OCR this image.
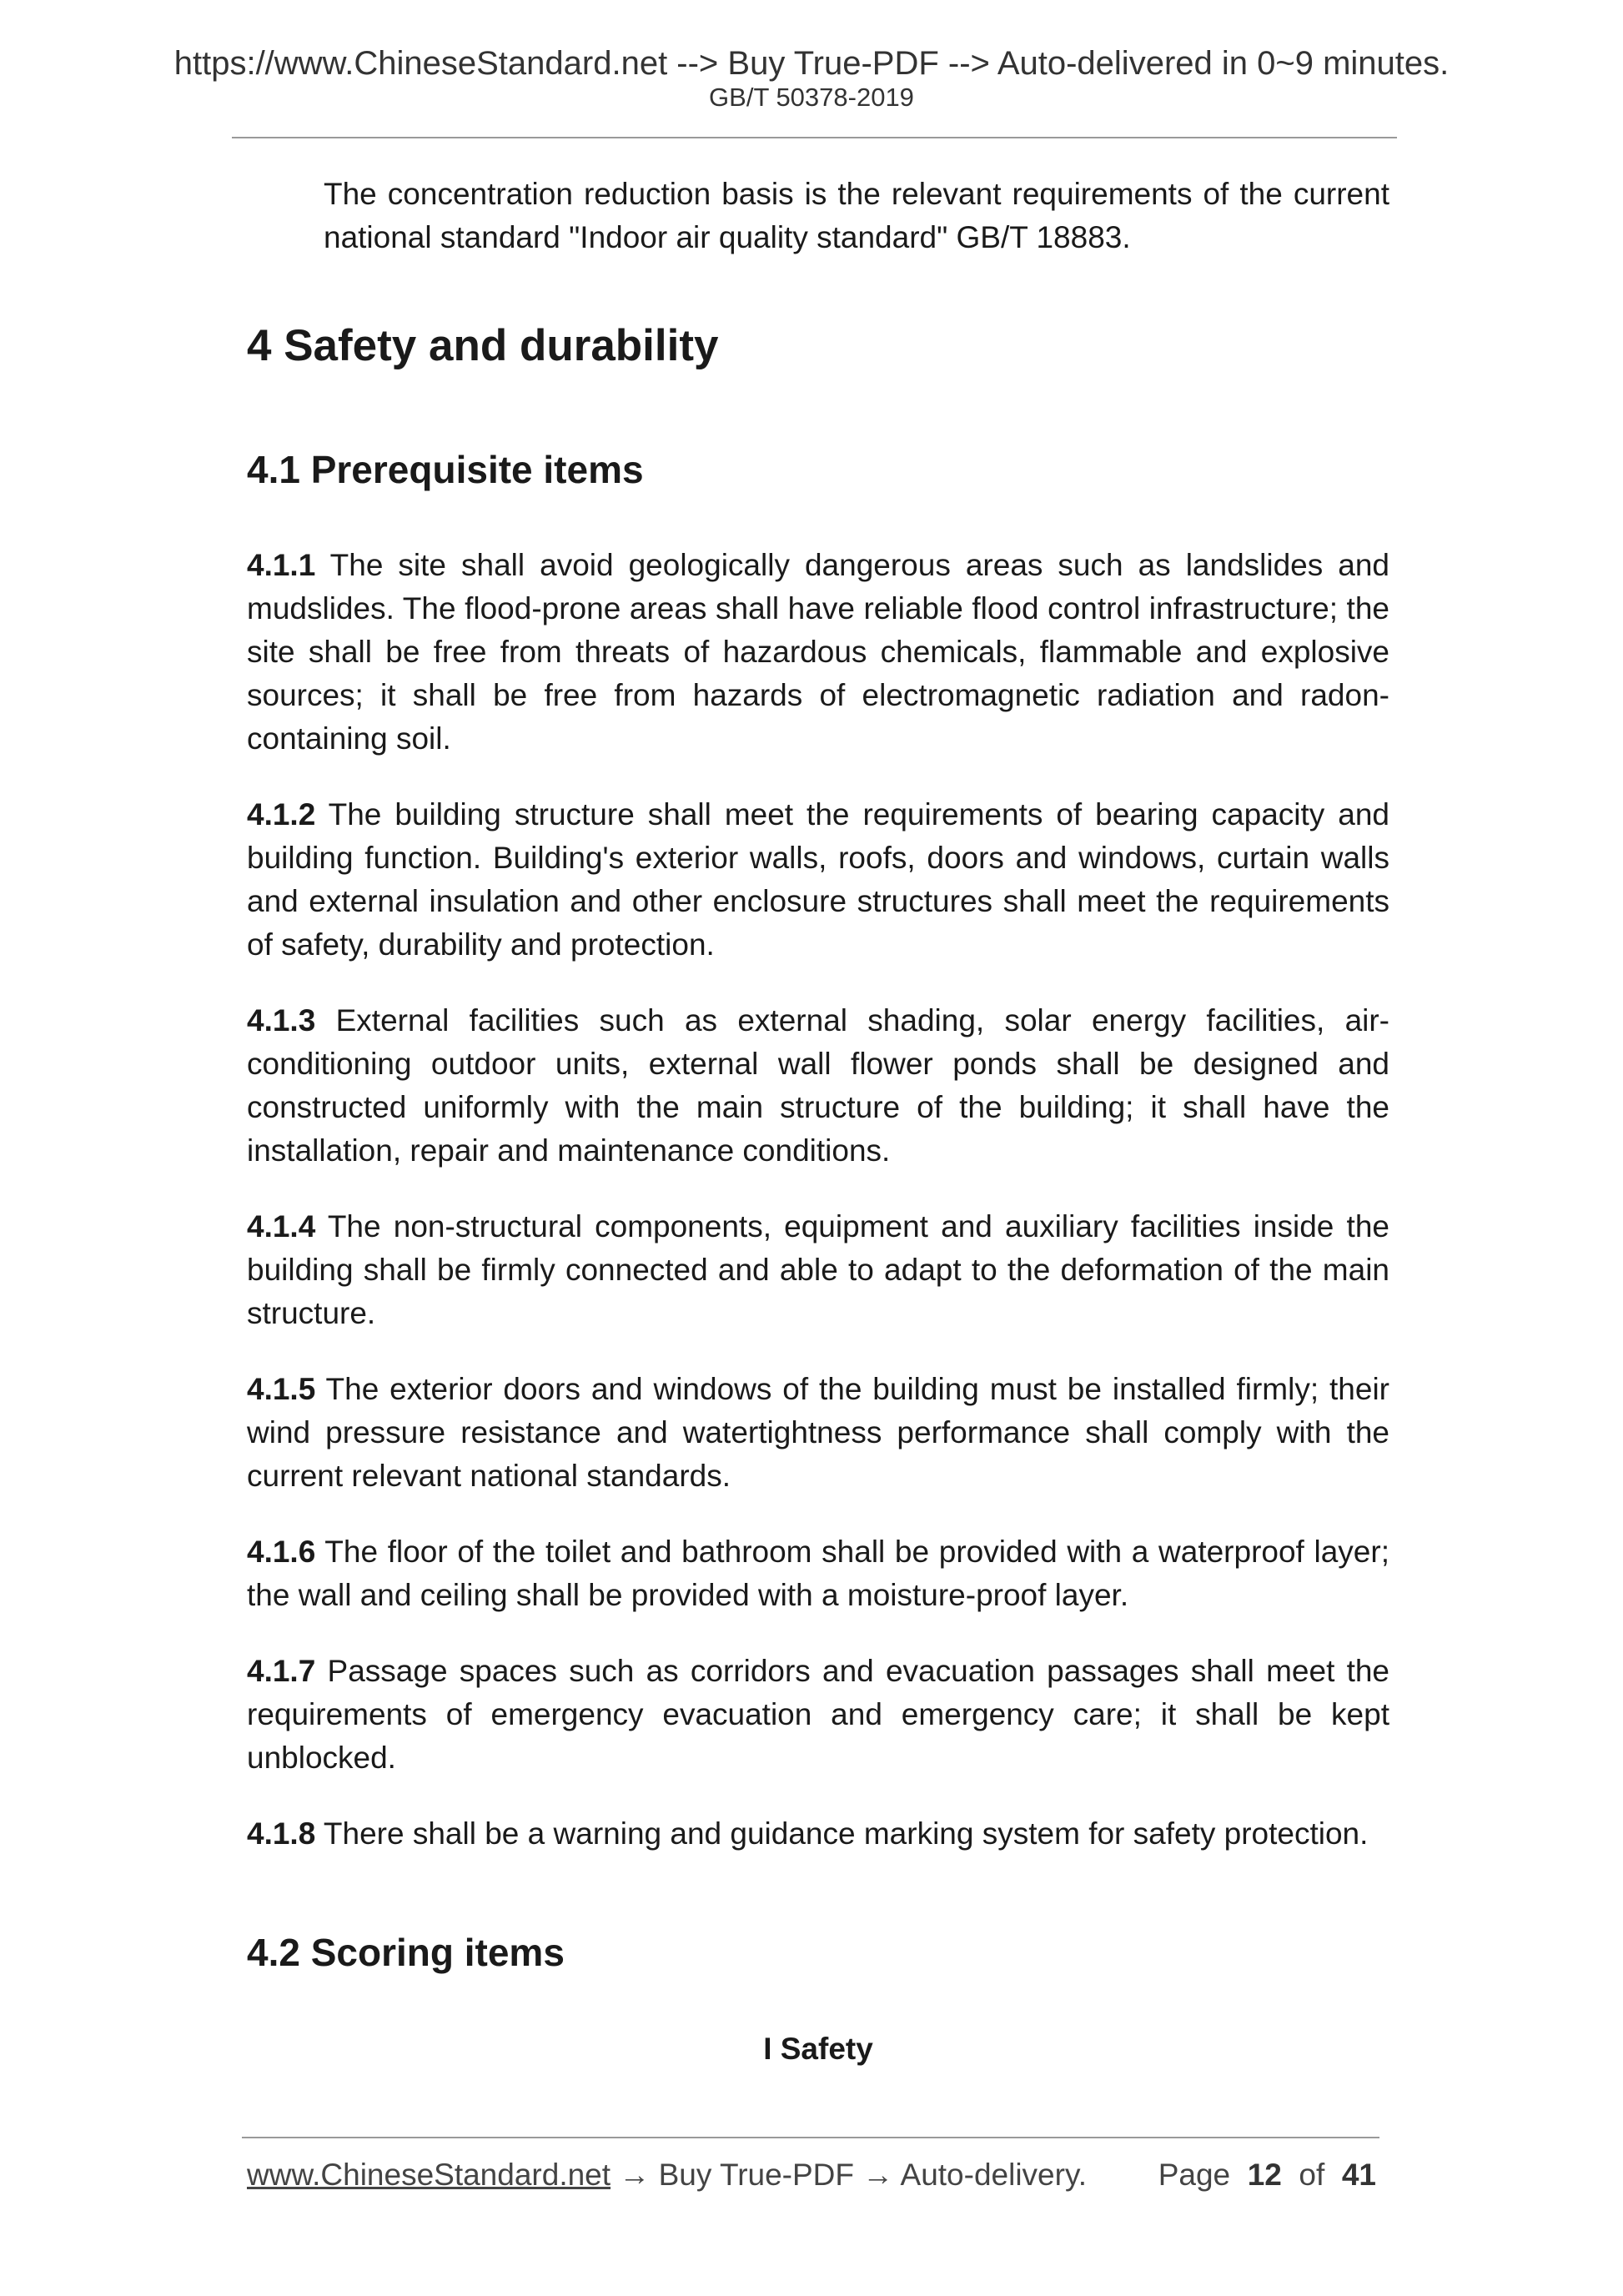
https://www.ChineseStandard.net --> Buy True-PDF --> Auto-delivered in 0~9 minutes.
GB/T 50378-2019

The concentration reduction basis is the relevant requirements of the current national standard "Indoor air quality standard" GB/T 18883.

4 Safety and durability
4.1 Prerequisite items

4.1.1 The site shall avoid geologically dangerous areas such as landslides and mudslides. The flood-prone areas shall have reliable flood control infrastructure; the site shall be free from threats of hazardous chemicals, flammable and explosive sources; it shall be free from hazards of electromagnetic radiation and radon-containing soil.

4.1.2 The building structure shall meet the requirements of bearing capacity and building function. Building's exterior walls, roofs, doors and windows, curtain walls and external insulation and other enclosure structures shall meet the requirements of safety, durability and protection.

4.1.3 External facilities such as external shading, solar energy facilities, air-conditioning outdoor units, external wall flower ponds shall be designed and constructed uniformly with the main structure of the building; it shall have the installation, repair and maintenance conditions.

4.1.4 The non-structural components, equipment and auxiliary facilities inside the building shall be firmly connected and able to adapt to the deformation of the main structure.

4.1.5 The exterior doors and windows of the building must be installed firmly; their wind pressure resistance and watertightness performance shall comply with the current relevant national standards.

4.1.6 The floor of the toilet and bathroom shall be provided with a waterproof layer; the wall and ceiling shall be provided with a moisture-proof layer.

4.1.7 Passage spaces such as corridors and evacuation passages shall meet the requirements of emergency evacuation and emergency care; it shall be kept unblocked.

4.1.8 There shall be a warning and guidance marking system for safety protection.

4.2 Scoring items
I Safety
www.ChineseStandard.net → Buy True-PDF → Auto-delivery. Page 12 of 41
